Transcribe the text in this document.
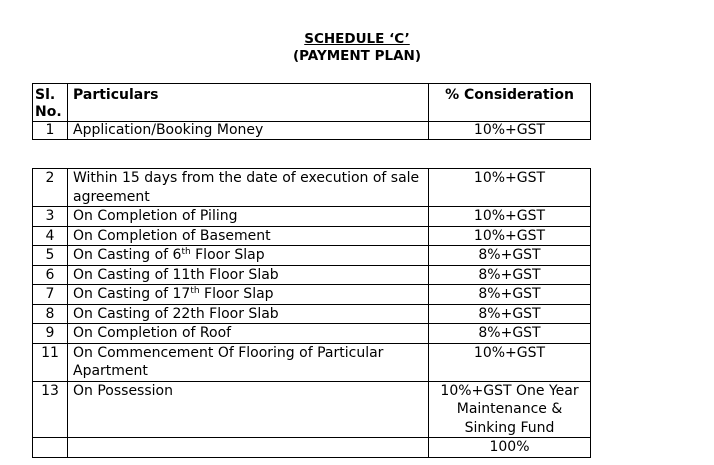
SCHEDULE ‘C’
(PAYMENT PLAN)
Sl. No.	Particulars	% Consideration
1	Application/Booking Money	10%+GST
2	Within 15 days from the date of execution of sale agreement	10%+GST
3	On Completion of Piling	10%+GST
4	On Completion of Basement	10%+GST
5	On Casting of 6th Floor Slap	8%+GST
6	On Casting of 11th Floor Slab	8%+GST
7	On Casting of 17th Floor Slap	8%+GST
8	On Casting of 22th Floor Slab	8%+GST
9	On Completion of Roof	8%+GST
11	On Commencement Of Flooring of Particular Apartment	10%+GST
13	On Possession	10%+GST One Year Maintenance & Sinking Fund
		100%
